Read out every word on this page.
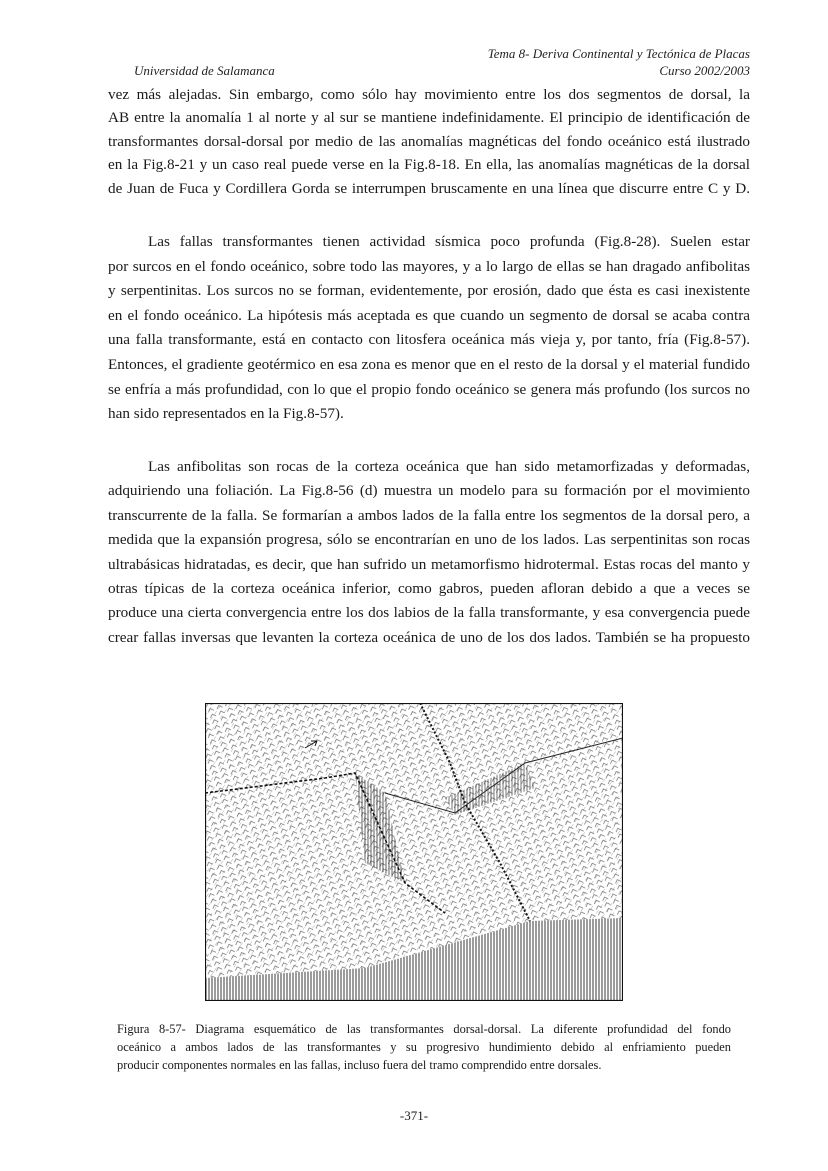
Universidad de Salamanca
Tema 8- Deriva Continental y Tectónica de Placas
Curso 2002/2003
vez más alejadas. Sin embargo, como sólo hay movimiento entre los dos segmentos de dorsal, la
AB entre la anomalía 1 al norte y al sur se mantiene indefinidamente. El principio de identificación de
transformantes dorsal-dorsal por medio de las anomalías magnéticas del fondo oceánico está ilustrado
en la Fig.8-21 y un caso real puede verse en la Fig.8-18. En ella, las anomalías magnéticas de la dorsal
de Juan de Fuca y Cordillera Gorda se interrumpen bruscamente en una línea que discurre entre C y D.
Las fallas transformantes tienen actividad sísmica poco profunda (Fig.8-28). Suelen estar
por surcos en el fondo oceánico, sobre todo las mayores, y a lo largo de ellas se han dragado anfibolitas
y serpentinitas. Los surcos no se forman, evidentemente, por erosión, dado que ésta es casi inexistente
en el fondo oceánico. La hipótesis más aceptada es que cuando un segmento de dorsal se acaba contra
una falla transformante, está en contacto con litosfera oceánica más vieja y, por tanto, fría (Fig.8-57).
Entonces, el gradiente geotérmico en esa zona es menor que en el resto de la dorsal y el material fundido
se enfría a más profundidad, con lo que el propio fondo oceánico se genera más profundo (los surcos no
han sido representados en la Fig.8-57).
Las anfibolitas son rocas de la corteza oceánica que han sido metamorfizadas y deformadas,
adquiriendo una foliación. La Fig.8-56 (d) muestra un modelo para su formación por el movimiento
transcurrente de la falla. Se formarían a ambos lados de la falla entre los segmentos de la dorsal pero, a
medida que la expansión progresa, sólo se encontrarían en uno de los lados. Las serpentinitas son rocas
ultrabásicas hidratadas, es decir, que han sufrido un metamorfismo hidrotermal. Estas rocas del manto y
otras típicas de la corteza oceánica inferior, como gabros, pueden afloran debido a que a veces se
produce una cierta convergencia entre los dos labios de la falla transformante, y esa convergencia puede
crear fallas inversas que levanten la corteza oceánica de uno de los dos lados. También se ha propuesto
Figura 8-57- Diagrama esquemático de las transformantes dorsal-dorsal. La diferente profundidad del fondo
oceánico a ambos lados de las transformantes y su progresivo hundimiento debido al enfriamiento pueden
producir componentes normales en las fallas, incluso fuera del tramo comprendido entre dorsales.
-371-
